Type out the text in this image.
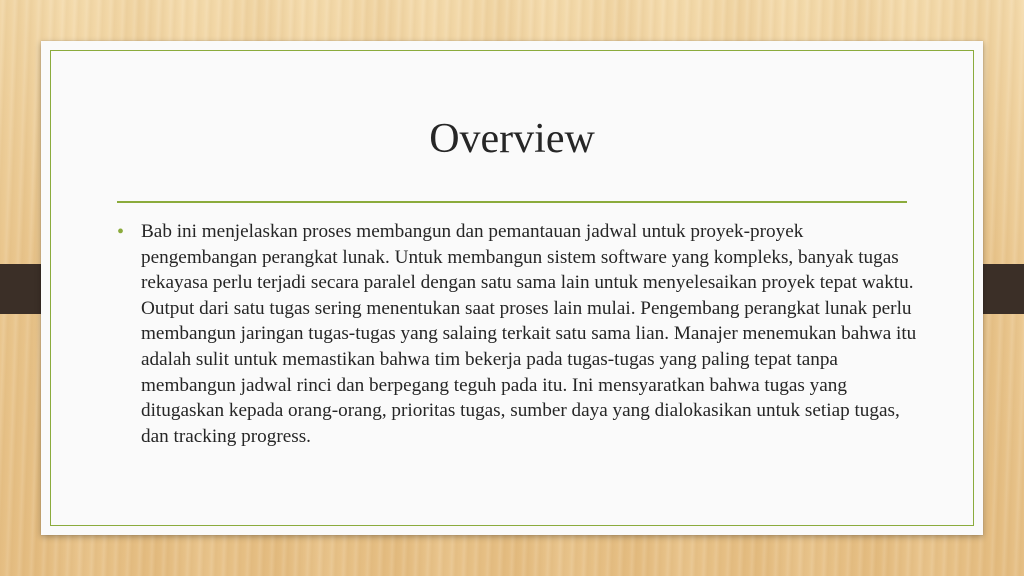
Overview
• Bab ini menjelaskan proses membangun dan pemantauan jadwal untuk proyek-proyek pengembangan perangkat lunak. Untuk membangun sistem software yang kompleks, banyak tugas rekayasa perlu terjadi secara paralel dengan satu sama lain untuk menyelesaikan proyek tepat waktu. Output dari satu tugas sering menentukan saat proses lain mulai. Pengembang perangkat lunak perlu membangun jaringan tugas-tugas yang salaing terkait satu sama lian. Manajer menemukan bahwa itu adalah sulit untuk memastikan bahwa tim bekerja pada tugas-tugas yang paling tepat tanpa membangun jadwal rinci dan berpegang teguh pada itu. Ini mensyaratkan bahwa tugas yang ditugaskan kepada orang-orang, prioritas tugas, sumber daya yang dialokasikan untuk setiap tugas, dan tracking progress.
